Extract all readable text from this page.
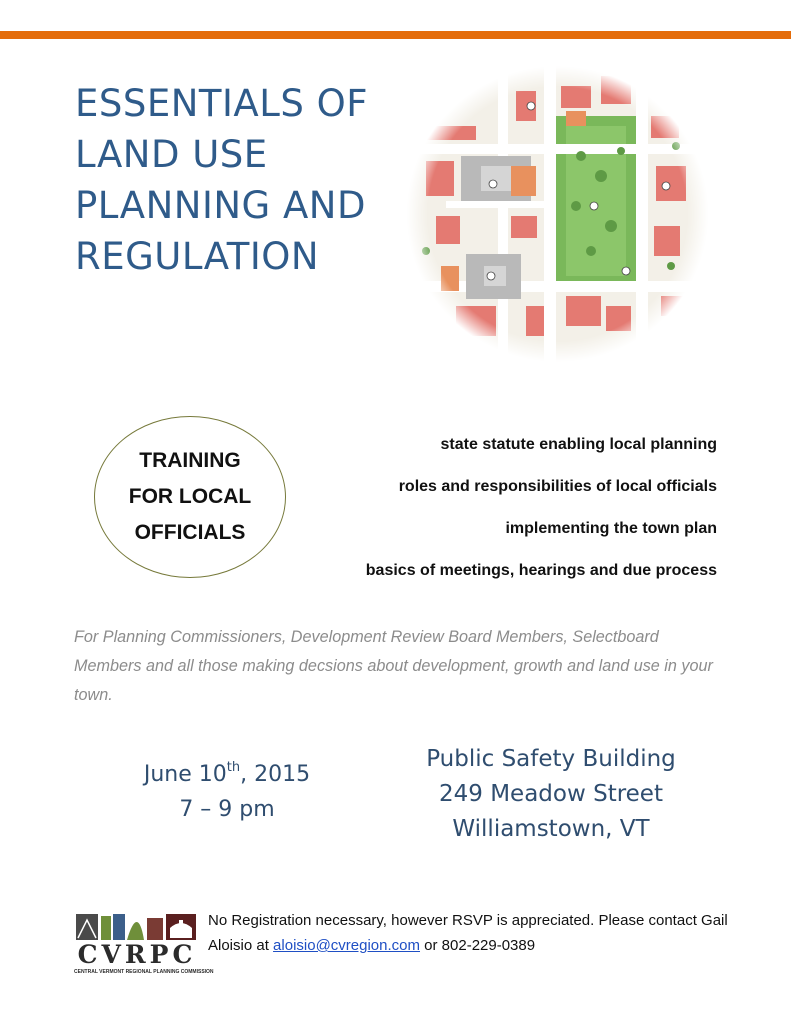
ESSENTIALS OF
LAND USE
PLANNING AND
REGULATION
TRAINING
FOR LOCAL
OFFICIALS
state statute enabling local planning
roles and responsibilities of local officials
implementing the town plan
basics of meetings, hearings and due process

For Planning Commissioners, Development Review Board Members, Selectboard Members and all those making decsions about development, growth and land use in your town.

June 10th, 2015
7 – 9 pm
Public Safety Building
249 Meadow Street
Williamstown, VT
CVRPC
CENTRAL VERMONT REGIONAL PLANNING COMMISSION

No Registration necessary, however RSVP is appreciated. Please contact Gail Aloisio at aloisio@cvregion.com or 802-229-0389
